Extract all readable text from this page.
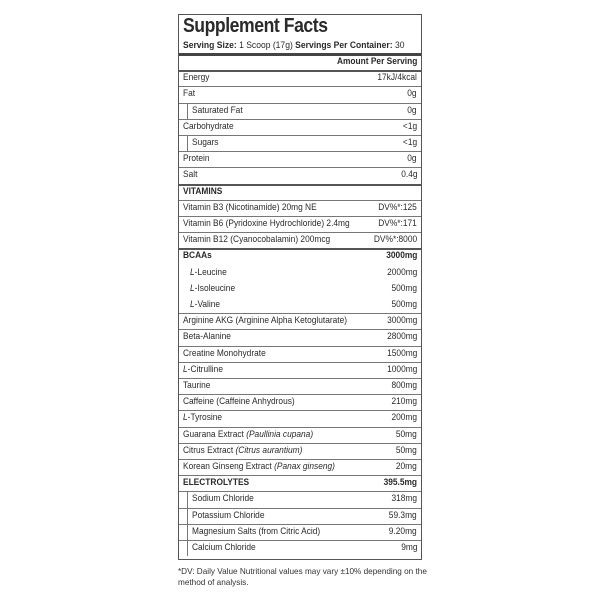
Supplement Facts
Serving Size: 1 Scoop (17g) Servings Per Container: 30
Amount Per Serving
Energy	17kJ/4kcal
Fat	0g
Saturated Fat	0g
Carbohydrate	<1g
Sugars	<1g
Protein	0g
Salt	0.4g
VITAMINS
Vitamin B3 (Nicotinamide) 20mg NE	DV%*:125
Vitamin B6 (Pyridoxine Hydrochloride) 2.4mg	DV%*:171
Vitamin B12 (Cyanocobalamin) 200mcg	DV%*:8000
BCAAs	3000mg
L-Leucine	2000mg
L-Isoleucine	500mg
L-Valine	500mg
Arginine AKG (Arginine Alpha Ketoglutarate)	3000mg
Beta-Alanine	2800mg
Creatine Monohydrate	1500mg
L-Citrulline	1000mg
Taurine	800mg
Caffeine (Caffeine Anhydrous)	210mg
L-Tyrosine	200mg
Guarana Extract (Paullinia cupana)	50mg
Citrus Extract (Citrus aurantium)	50mg
Korean Ginseng Extract (Panax ginseng)	20mg
ELECTROLYTES	395.5mg
Sodium Chloride	318mg
Potassium Chloride	59.3mg
Magnesium Salts (from Citric Acid)	9.20mg
Calcium Chloride	9mg
*DV: Daily Value Nutritional values may vary ±10% depending on the method of analysis.
